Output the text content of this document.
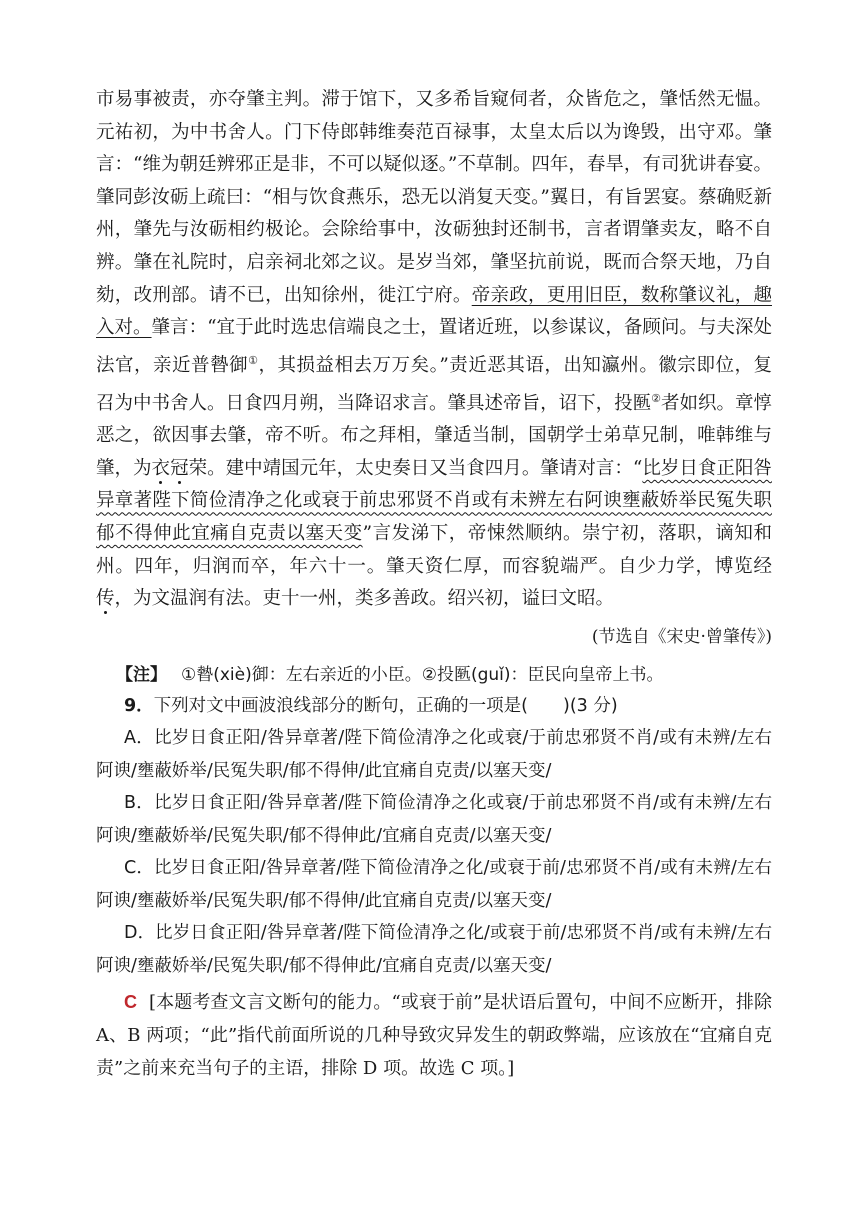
市易事被责，亦夺肇主判。滞于馆下，又多希旨窥伺者，众皆危之，肇恬然无愠。元祐初，为中书舍人。门下侍郎韩维奏范百禄事，太皇太后以为谗毁，出守邓。肇言：“维为朝廷辨邪正是非，不可以疑似逐。”不草制。四年，春旱，有司犹讲春宴。肇同彭汝砺上疏曰：“相与饮食燕乐，恐无以消复天变。”翼日，有旨罢宴。蔡确贬新州，肇先与汝砺相约极论。会除给事中，汝砺独封还制书，言者谓肇卖友，略不自辨。肇在礼院时，启亲祠北郊之议。是岁当郊，肇坚抗前说，既而合祭天地，乃自劾，改刑部。请不已，出知徐州，徙江宁府。帝亲政，更用旧臣，数称肇议礼，趣入对。肇言：“宜于此时选忠信端良之士，置诸近班，以参谋议，备顾问。与夫深处法官，亲近普暬御①，其损益相去万万矣。”责近恶其语，出知瀛州。徽宗即位，复召为中书舍人。日食四月朔，当降诏求言。肇具述帝旨，诏下，投匦②者如织。章惇恶之，欲因事去肇，帝不听。布之拜相，肇适当制，国朝学士弟草兄制，唯韩维与肇，为衣冠荣。建中靖国元年，太史奏日又当食四月。肇请对言：“比岁日食正阳咎异章著陛下简俭清净之化或衰于前忠邪贤不肖或有未辨左右阿谀壅蔽娇举民冤失职郁不得伸此宜痛自克责以塞天变”言发涕下，帝悚然顺纳。崇宁初，落职，谪知和州。四年，归润而卒，年六十一。肇天资仁厚，而容貌端严。自少力学，博览经传，为文温润有法。吏十一州，类多善政。绍兴初，谥曰文昭。

(节选自《宋史·曾肇传》)
【注】 ①暬(xiè)御：左右亲近的小臣。②投匦(guǐ)：臣民向皇帝上书。
9．下列对文中画波浪线部分的断句，正确的一项是(　　)(3 分)
A．比岁日食正阳/咎异章著/陛下简俭清净之化或衰/于前忠邪贤不肖/或有未辨/左右阿谀/壅蔽娇举/民冤失职/郁不得伸/此宜痛自克责/以塞天变/
B．比岁日食正阳/咎异章著/陛下简俭清净之化或衰/于前忠邪贤不肖/或有未辨/左右阿谀/壅蔽娇举/民冤失职/郁不得伸此/宜痛自克责/以塞天变/
C．比岁日食正阳/咎异章著/陛下简俭清净之化/或衰于前/忠邪贤不肖/或有未辨/左右阿谀/壅蔽娇举/民冤失职/郁不得伸/此宜痛自克责/以塞天变/
D．比岁日食正阳/咎异章著/陛下简俭清净之化/或衰于前/忠邪贤不肖/或有未辨/左右阿谀/壅蔽娇举/民冤失职/郁不得伸此/宜痛自克责/以塞天变/
C [本题考查文言文断句的能力。“或衰于前”是状语后置句，中间不应断开，排除 A、B 两项；“此”指代前面所说的几种导致灾异发生的朝政弊端，应该放在“宜痛自克责”之前来充当句子的主语，排除 D 项。故选 C 项。]
